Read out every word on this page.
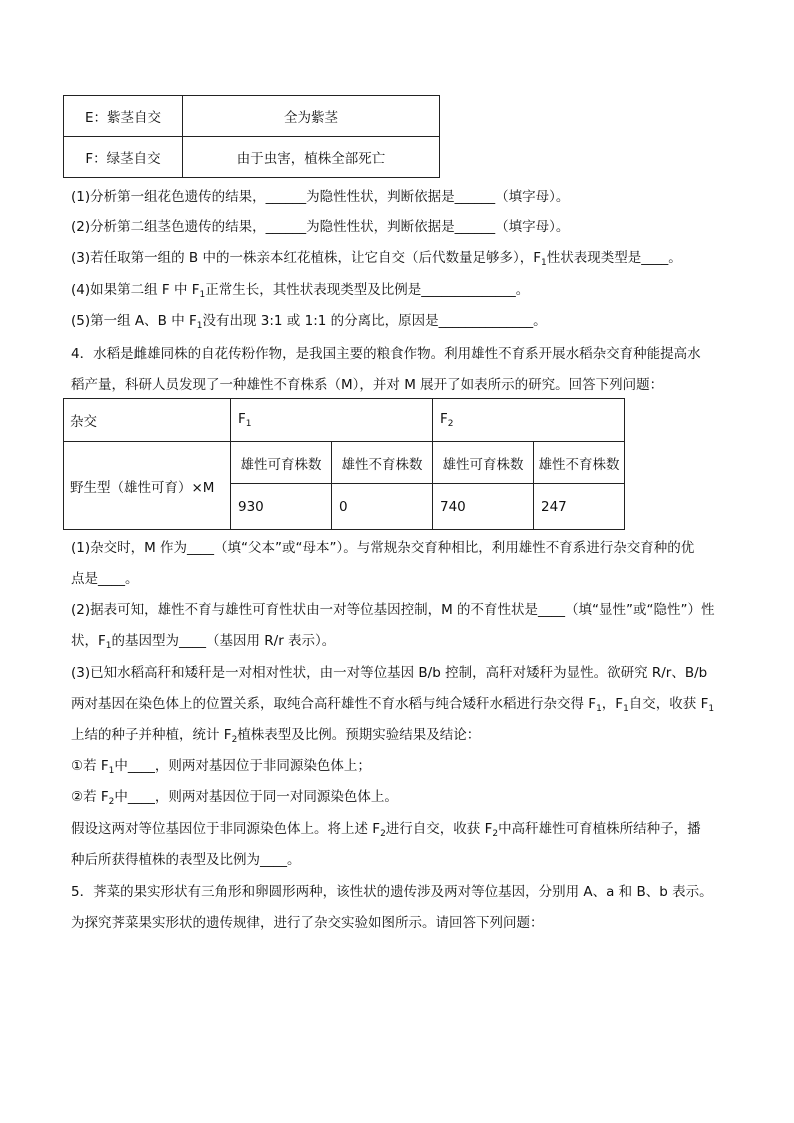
E：紫茎自交	全为紫茎
F：绿茎自交	由于虫害，植株全部死亡
(1)分析第一组花色遗传的结果，______为隐性性状，判断依据是______（填字母）。
(2)分析第二组茎色遗传的结果，______为隐性性状，判断依据是______（填字母）。
(3)若任取第一组的 B 中的一株亲本红花植株，让它自交（后代数量足够多），$F_1$性状表现类型是____。
(4)如果第二组 F 中 $F_1$正常生长，其性状表现类型及比例是______________。
(5)第一组 A、B 中 $F_1$没有出现 3:1 或 1:1 的分离比，原因是______________。
4．水稻是雌雄同株的自花传粉作物，是我国主要的粮食作物。利用雄性不育系开展水稻杂交育种能提高水
稻产量，科研人员发现了一种雄性不育株系（M），并对 M 展开了如表所示的研究。回答下列问题：
杂交	$F_1$		$F_2$
野生型（雄性可育）×M	雄性可育株数	雄性不育株数	雄性可育株数	雄性不育株数
	930	0	740	247
(1)杂交时，M 作为____（填“父本”或“母本”）。与常规杂交育种相比，利用雄性不育系进行杂交育种的优
点是____。
(2)据表可知，雄性不育与雄性可育性状由一对等位基因控制，M 的不育性状是____（填“显性”或“隐性”）性
状，$F_1$的基因型为____（基因用 R/r 表示）。
(3)已知水稻高秆和矮秆是一对相对性状，由一对等位基因 B/b 控制，高秆对矮秆为显性。欲研究 R/r、B/b
两对基因在染色体上的位置关系，取纯合高秆雄性不育水稻与纯合矮秆水稻进行杂交得 $F_1$，$F_1$自交，收获 $F_1$
上结的种子并种植，统计 $F_2$植株表型及比例。预期实验结果及结论：
①若 $F_1$中____，则两对基因位于非同源染色体上；
②若 $F_2$中____，则两对基因位于同一对同源染色体上。
假设这两对等位基因位于非同源染色体上。将上述 $F_2$进行自交，收获 $F_2$中高秆雄性可育植株所结种子，播
种后所获得植株的表型及比例为____。
5．荠菜的果实形状有三角形和卵圆形两种，该性状的遗传涉及两对等位基因，分别用 A、a 和 B、b 表示。
为探究荠菜果实形状的遗传规律，进行了杂交实验如图所示。请回答下列问题：
